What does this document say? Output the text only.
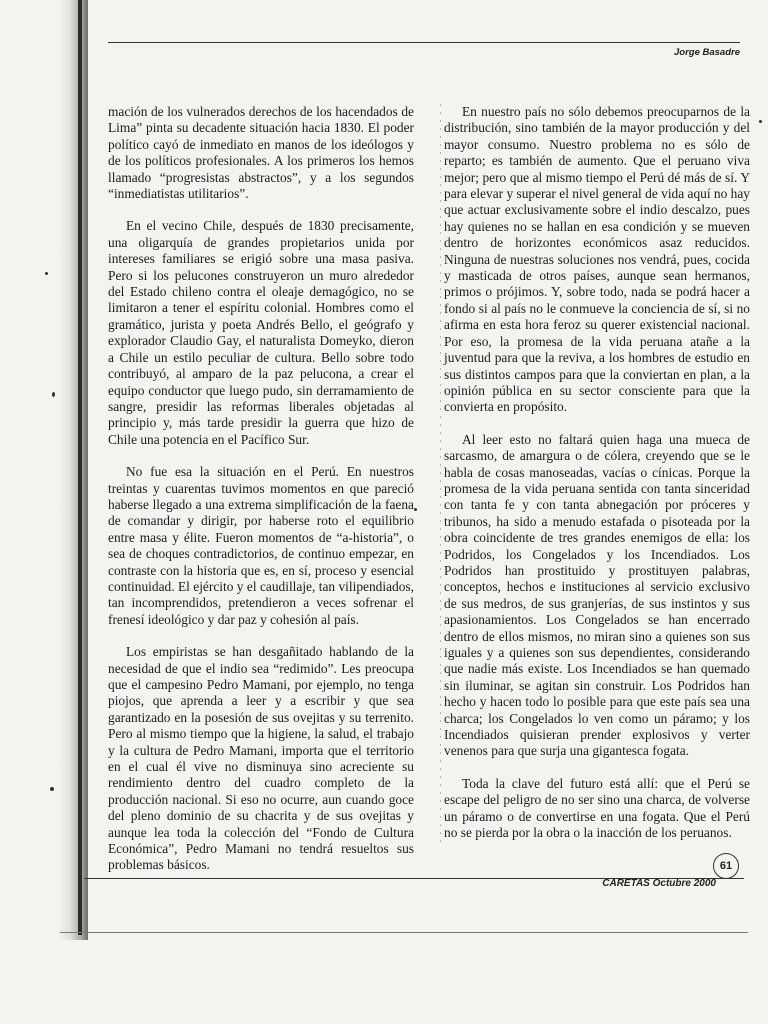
Jorge Basadre

mación de los vulnerados derechos de los hacendados de Lima” pinta su decadente situación hacia 1830. El poder político cayó de inmediato en manos de los ideólogos y de los políticos profesionales. A los primeros los hemos llamado “progresistas abstractos”, y a los segundos “inmediatistas utilitarios”.

En el vecino Chile, después de 1830 precisamente, una oligarquía de grandes propietarios unida por intereses familiares se erigió sobre una masa pasiva. Pero si los pelucones construyeron un muro alrededor del Estado chileno contra el oleaje demagógico, no se limitaron a tener el espíritu colonial. Hombres como el gramático, jurista y poeta Andrés Bello, el geógrafo y explorador Claudio Gay, el naturalista Domeyko, dieron a Chile un estilo peculiar de cultura. Bello sobre todo contribuyó, al amparo de la paz pelucona, a crear el equipo conductor que luego pudo, sin derramamiento de sangre, presidir las reformas liberales objetadas al principio y, más tarde presidir la guerra que hizo de Chile una potencia en el Pacífico Sur.

No fue esa la situación en el Perú. En nuestros treintas y cuarentas tuvimos momentos en que pareció haberse llegado a una extrema simplificación de la faena de comandar y dirigir, por haberse roto el equilibrio entre masa y élite. Fueron momentos de “a-historia”, o sea de choques contradictorios, de continuo empezar, en contraste con la historia que es, en sí, proceso y esencial continuidad. El ejército y el caudillaje, tan vilipendiados, tan incomprendidos, pretendieron a veces sofrenar el frenesí ideológico y dar paz y cohesión al país.

Los empiristas se han desgañitado hablando de la necesidad de que el indio sea “redimido”. Les preocupa que el campesino Pedro Mamani, por ejemplo, no tenga piojos, que aprenda a leer y a escribir y que sea garantizado en la posesión de sus ovejitas y su terrenito. Pero al mismo tiempo que la higiene, la salud, el trabajo y la cultura de Pedro Mamani, importa que el territorio en el cual él vive no disminuya sino acreciente su rendimiento dentro del cuadro completo de la producción nacional. Si eso no ocurre, aun cuando goce del pleno dominio de su chacrita y de sus ovejitas y aunque lea toda la colección del “Fondo de Cultura Económica”, Pedro Mamani no tendrá resueltos sus problemas básicos.

En nuestro país no sólo debemos preocuparnos de la distribución, sino también de la mayor producción y del mayor consumo. Nuestro problema no es sólo de reparto; es también de aumento. Que el peruano viva mejor; pero que al mismo tiempo el Perú dé más de sí. Y para elevar y superar el nivel general de vida aquí no hay que actuar exclusivamente sobre el indio descalzo, pues hay quienes no se hallan en esa condición y se mueven dentro de horizontes económicos asaz reducidos. Ninguna de nuestras soluciones nos vendrá, pues, cocida y masticada de otros países, aunque sean hermanos, primos o prójimos. Y, sobre todo, nada se podrá hacer a fondo si al país no le conmueve la conciencia de sí, si no afirma en esta hora feroz su querer existencial nacional. Por eso, la promesa de la vida peruana atañe a la juventud para que la reviva, a los hombres de estudio en sus distintos campos para que la conviertan en plan, a la opinión pública en su sector consciente para que la convierta en propósito.

Al leer esto no faltará quien haga una mueca de sarcasmo, de amargura o de cólera, creyendo que se le habla de cosas manoseadas, vacías o cínicas. Porque la promesa de la vida peruana sentida con tanta sinceridad con tanta fe y con tanta abnegación por próceres y tribunos, ha sido a menudo estafada o pisoteada por la obra coincidente de tres grandes enemigos de ella: los Podridos, los Congelados y los Incendiados. Los Podridos han prostituido y prostituyen palabras, conceptos, hechos e instituciones al servicio exclusivo de sus medros, de sus granjerías, de sus instintos y sus apasionamientos. Los Congelados se han encerrado dentro de ellos mismos, no miran sino a quienes son sus iguales y a quienes son sus dependientes, considerando que nadie más existe. Los Incendiados se han quemado sin iluminar, se agitan sin construir. Los Podridos han hecho y hacen todo lo posible para que este país sea una charca; los Congelados lo ven como un páramo; y los Incendiados quisieran prender explosivos y verter venenos para que surja una gigantesca fogata.

Toda la clave del futuro está allí: que el Perú se escape del peligro de no ser sino una charca, de volverse un páramo o de convertirse en una fogata. Que el Perú no se pierda por la obra o la inacción de los peruanos.

61
CARETAS Octubre 2000
